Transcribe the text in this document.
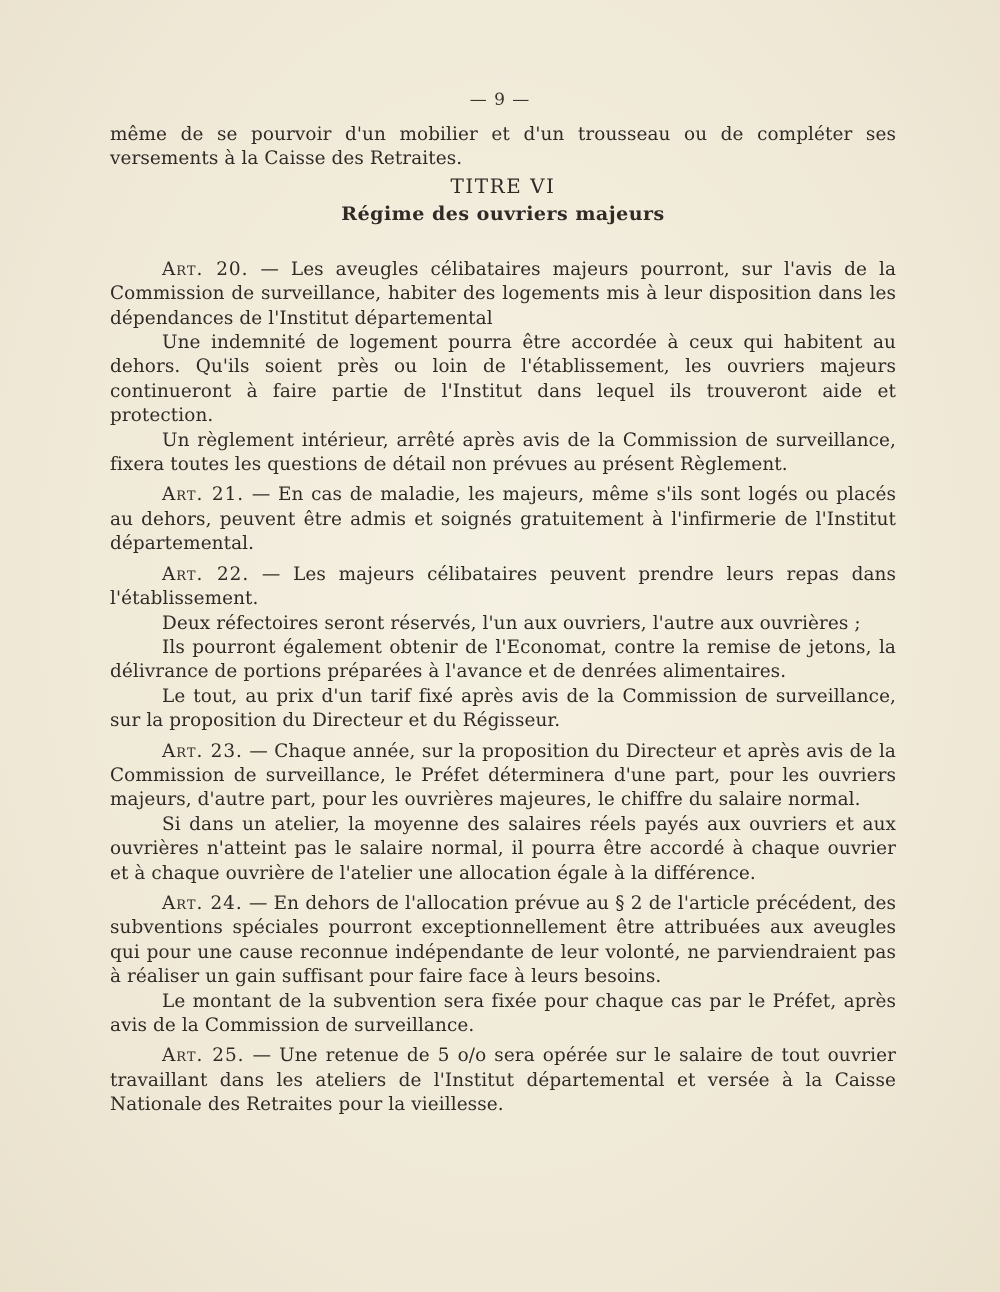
— 9 —

même de se pourvoir d'un mobilier et d'un trousseau ou de compléter ses versements à la Caisse des Retraites.

TITRE VI

Régime des ouvriers majeurs

Art. 20. — Les aveugles célibataires majeurs pourront, sur l'avis de la Commission de surveillance, habiter des logements mis à leur disposition dans les dépendances de l'Institut départemental

Une indemnité de logement pourra être accordée à ceux qui habitent au dehors. Qu'ils soient près ou loin de l'établissement, les ouvriers majeurs continueront à faire partie de l'Institut dans lequel ils trouveront aide et protection.

Un règlement intérieur, arrêté après avis de la Commission de surveillance, fixera toutes les questions de détail non prévues au présent Règlement.

Art. 21. — En cas de maladie, les majeurs, même s'ils sont logés ou placés au dehors, peuvent être admis et soignés gratuitement à l'infirmerie de l'Institut départemental.

Art. 22. — Les majeurs célibataires peuvent prendre leurs repas dans l'établissement.

Deux réfectoires seront réservés, l'un aux ouvriers, l'autre aux ouvrières ;

Ils pourront également obtenir de l'Economat, contre la remise de jetons, la délivrance de portions préparées à l'avance et de denrées alimentaires.

Le tout, au prix d'un tarif fixé après avis de la Commission de surveillance, sur la proposition du Directeur et du Régisseur.

Art. 23. — Chaque année, sur la proposition du Directeur et après avis de la Commission de surveillance, le Préfet déterminera d'une part, pour les ouvriers majeurs, d'autre part, pour les ouvrières majeures, le chiffre du salaire normal.

Si dans un atelier, la moyenne des salaires réels payés aux ouvriers et aux ouvrières n'atteint pas le salaire normal, il pourra être accordé à chaque ouvrier et à chaque ouvrière de l'atelier une allocation égale à la différence.

Art. 24. — En dehors de l'allocation prévue au § 2 de l'article précédent, des subventions spéciales pourront exceptionnellement être attribuées aux aveugles qui pour une cause reconnue indépendante de leur volonté, ne parviendraient pas à réaliser un gain suffisant pour faire face à leurs besoins.

Le montant de la subvention sera fixée pour chaque cas par le Préfet, après avis de la Commission de surveillance.

Art. 25. — Une retenue de 5 o/o sera opérée sur le salaire de tout ouvrier travaillant dans les ateliers de l'Institut départemental et versée à la Caisse Nationale des Retraites pour la vieillesse.
